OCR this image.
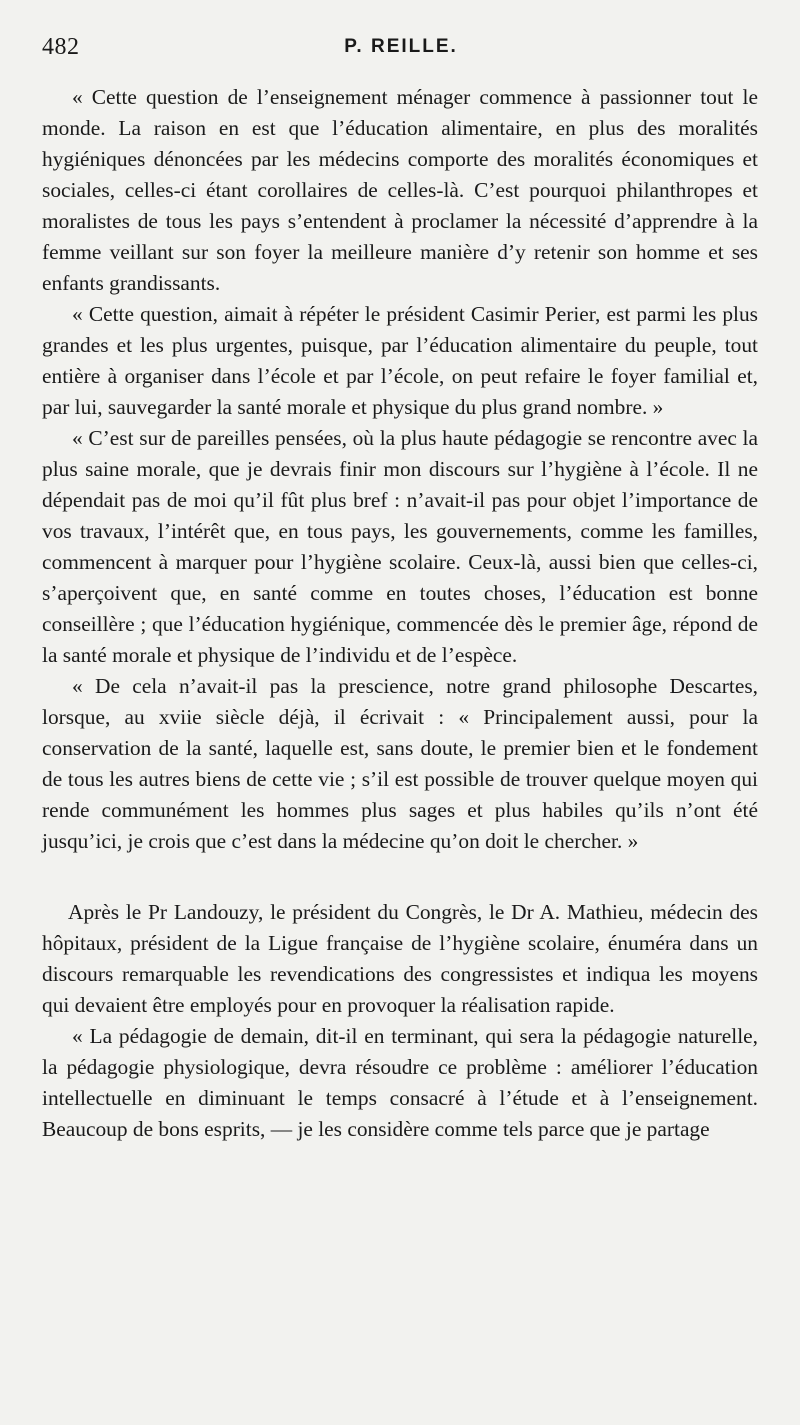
482	P. REILLE.

« Cette question de l’enseignement ménager commence à passionner tout le monde. La raison en est que l’éducation alimentaire, en plus des moralités hygiéniques dénoncées par les médecins comporte des moralités économiques et sociales, celles-ci étant corollaires de celles-là. C’est pourquoi philanthropes et moralistes de tous les pays s’entendent à proclamer la nécessité d’apprendre à la femme veillant sur son foyer la meilleure manière d’y retenir son homme et ses enfants grandissants.

« Cette question, aimait à répéter le président Casimir Perier, est parmi les plus grandes et les plus urgentes, puisque, par l’éducation alimentaire du peuple, tout entière à organiser dans l’école et par l’école, on peut refaire le foyer familial et, par lui, sauvegarder la santé morale et physique du plus grand nombre. »

« C’est sur de pareilles pensées, où la plus haute pédagogie se rencontre avec la plus saine morale, que je devrais finir mon discours sur l’hygiène à l’école. Il ne dépendait pas de moi qu’il fût plus bref : n’avait-il pas pour objet l’importance de vos travaux, l’intérêt que, en tous pays, les gouvernements, comme les familles, commencent à marquer pour l’hygiène scolaire. Ceux-là, aussi bien que celles-ci, s’aperçoivent que, en santé comme en toutes choses, l’éducation est bonne conseillère ; que l’éducation hygiénique, commencée dès le premier âge, répond de la santé morale et physique de l’individu et de l’espèce.

« De cela n’avait-il pas la prescience, notre grand philosophe Descartes, lorsque, au xviie siècle déjà, il écrivait : « Principalement aussi, pour la conservation de la santé, laquelle est, sans doute, le premier bien et le fondement de tous les autres biens de cette vie ; s’il est possible de trouver quelque moyen qui rende communément les hommes plus sages et plus habiles qu’ils n’ont été jusqu’ici, je crois que c’est dans la médecine qu’on doit le chercher. »

Après le Pr Landouzy, le président du Congrès, le Dr A. Mathieu, médecin des hôpitaux, président de la Ligue française de l’hygiène scolaire, énuméra dans un discours remarquable les revendications des congressistes et indiqua les moyens qui devaient être employés pour en provoquer la réalisation rapide.

« La pédagogie de demain, dit-il en terminant, qui sera la pédagogie naturelle, la pédagogie physiologique, devra résoudre ce problème : améliorer l’éducation intellectuelle en diminuant le temps consacré à l’étude et à l’enseignement. Beaucoup de bons esprits, — je les considère comme tels parce que je partage
